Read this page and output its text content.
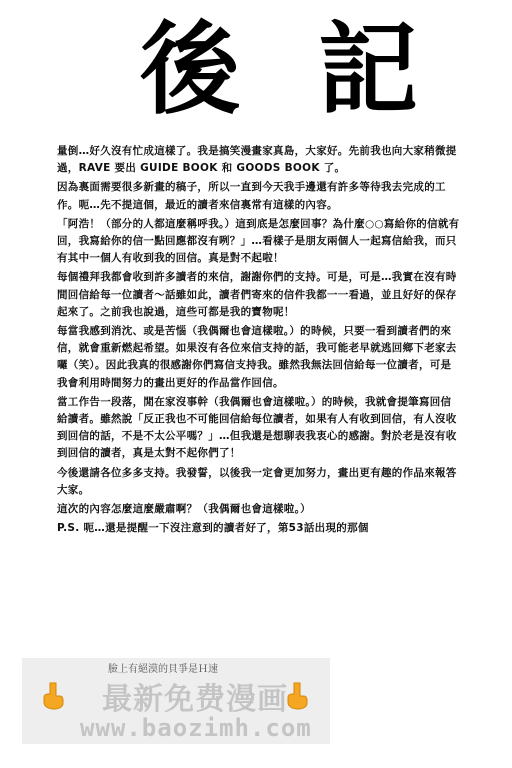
後 記

量倒…好久沒有忙成這樣了。我是搞笑漫畫家真島，大家好。先前我也向大家稍微提過，RAVE 要出 GUIDE BOOK 和 GOODS BOOK 了。

因為裏面需要很多新畫的稿子，所以一直到今天我手邊還有許多等待我去完成的工作。呃…先不提這個，最近的讀者來信裏常有這樣的內容。

「阿浩！（部分的人都這麼稱呼我。）這到底是怎麼回事？為什麼○○寫給你的信就有回，我寫給你的信一點回應都沒有咧？」…看樣子是朋友兩個人一起寫信給我，而只有其中一個人有收到我的回信。真是對不起啦！

每個禮拜我都會收到許多讀者的來信，謝謝你們的支持。可是，可是…我實在沒有時間回信給每一位讀者～話雖如此，讀者們寄來的信件我都一一看過，並且好好的保存起來了。之前我也說過，這些可都是我的寶物呢！

每當我感到消沈、或是苦惱（我偶爾也會這樣啦。）的時候，只要一看到讀者們的來信，就會重新燃起希望。如果沒有各位來信支持的話，我可能老早就逃回鄉下老家去囉（笑）。因此我真的很感謝你們寫信支持我。雖然我無法回信給每一位讀者，可是我會利用時間努力的畫出更好的作品當作回信。

當工作告一段落，閒在家沒事幹（我偶爾也會這樣啦。）的時候，我就會提筆寫回信給讀者。雖然說「反正我也不可能回信給每位讀者，如果有人有收到回信，有人沒收到回信的話，不是不太公平嗎？」…但我還是想聊表我衷心的感謝。對於老是沒有收到回信的讀者，真是太對不起你們了！

今後還請各位多多支持。我發誓，以後我一定會更加努力，畫出更有趣的作品來報答大家。

這次的內容怎麼這麼嚴肅啊？（我偶爾也會這樣啦。）

P.S. 呃…還是提醒一下沒注意到的讀者好了，第53話出現的那個

臉上有絕漠的貝爭是Ｈ速
最新免费漫画
www.baozimh.com
